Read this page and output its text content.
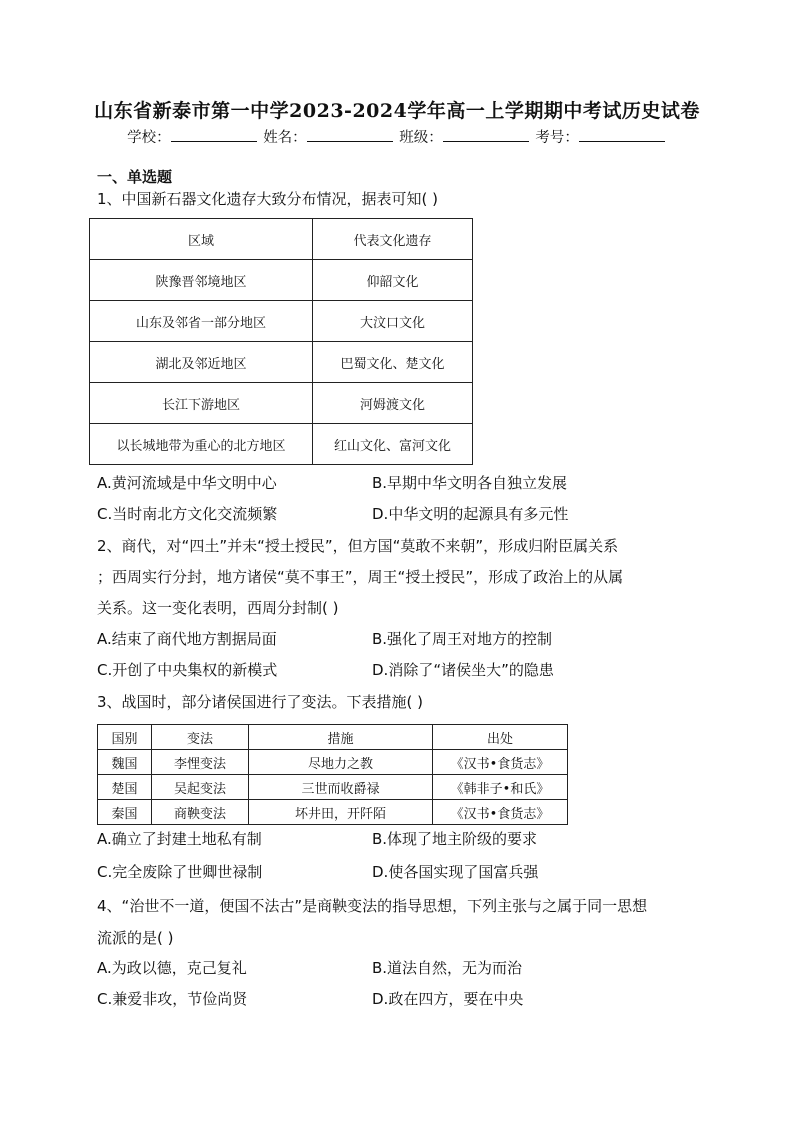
山东省新泰市第一中学2023-2024学年高一上学期期中考试历史试卷
学校：	姓名：	班级：	考号：
一、单选题
1、中国新石器文化遗存大致分布情况，据表可知( )
区域	代表文化遗存
陕豫晋邻境地区	仰韶文化
山东及邻省一部分地区	大汶口文化
湖北及邻近地区	巴蜀文化、楚文化
长江下游地区	河姆渡文化
以长城地带为重心的北方地区	红山文化、富河文化
A.黄河流域是中华文明中心	B.早期中华文明各自独立发展
C.当时南北方文化交流频繁	D.中华文明的起源具有多元性
2、商代，对“四土”并未“授土授民”，但方国“莫敢不来朝”，形成归附臣属关系
；西周实行分封，地方诸侯“莫不事王”，周王“授土授民”，形成了政治上的从属
关系。这一变化表明，西周分封制( )
A.结束了商代地方割据局面	B.强化了周王对地方的控制
C.开创了中央集权的新模式	D.消除了“诸侯坐大”的隐患
3、战国时，部分诸侯国进行了变法。下表措施( )
国别	变法	措施	出处
魏国	李悝变法	尽地力之教	《汉书•食货志》
楚国	吴起变法	三世而收爵禄	《韩非子•和氏》
秦国	商鞅变法	坏井田，开阡陌	《汉书•食货志》
A.确立了封建土地私有制	B.体现了地主阶级的要求
C.完全废除了世卿世禄制	D.使各国实现了国富兵强
4、“治世不一道，便国不法古”是商鞅变法的指导思想，下列主张与之属于同一思想
流派的是( )
A.为政以德，克己复礼	B.道法自然，无为而治
C.兼爱非攻，节俭尚贤	D.政在四方，要在中央
